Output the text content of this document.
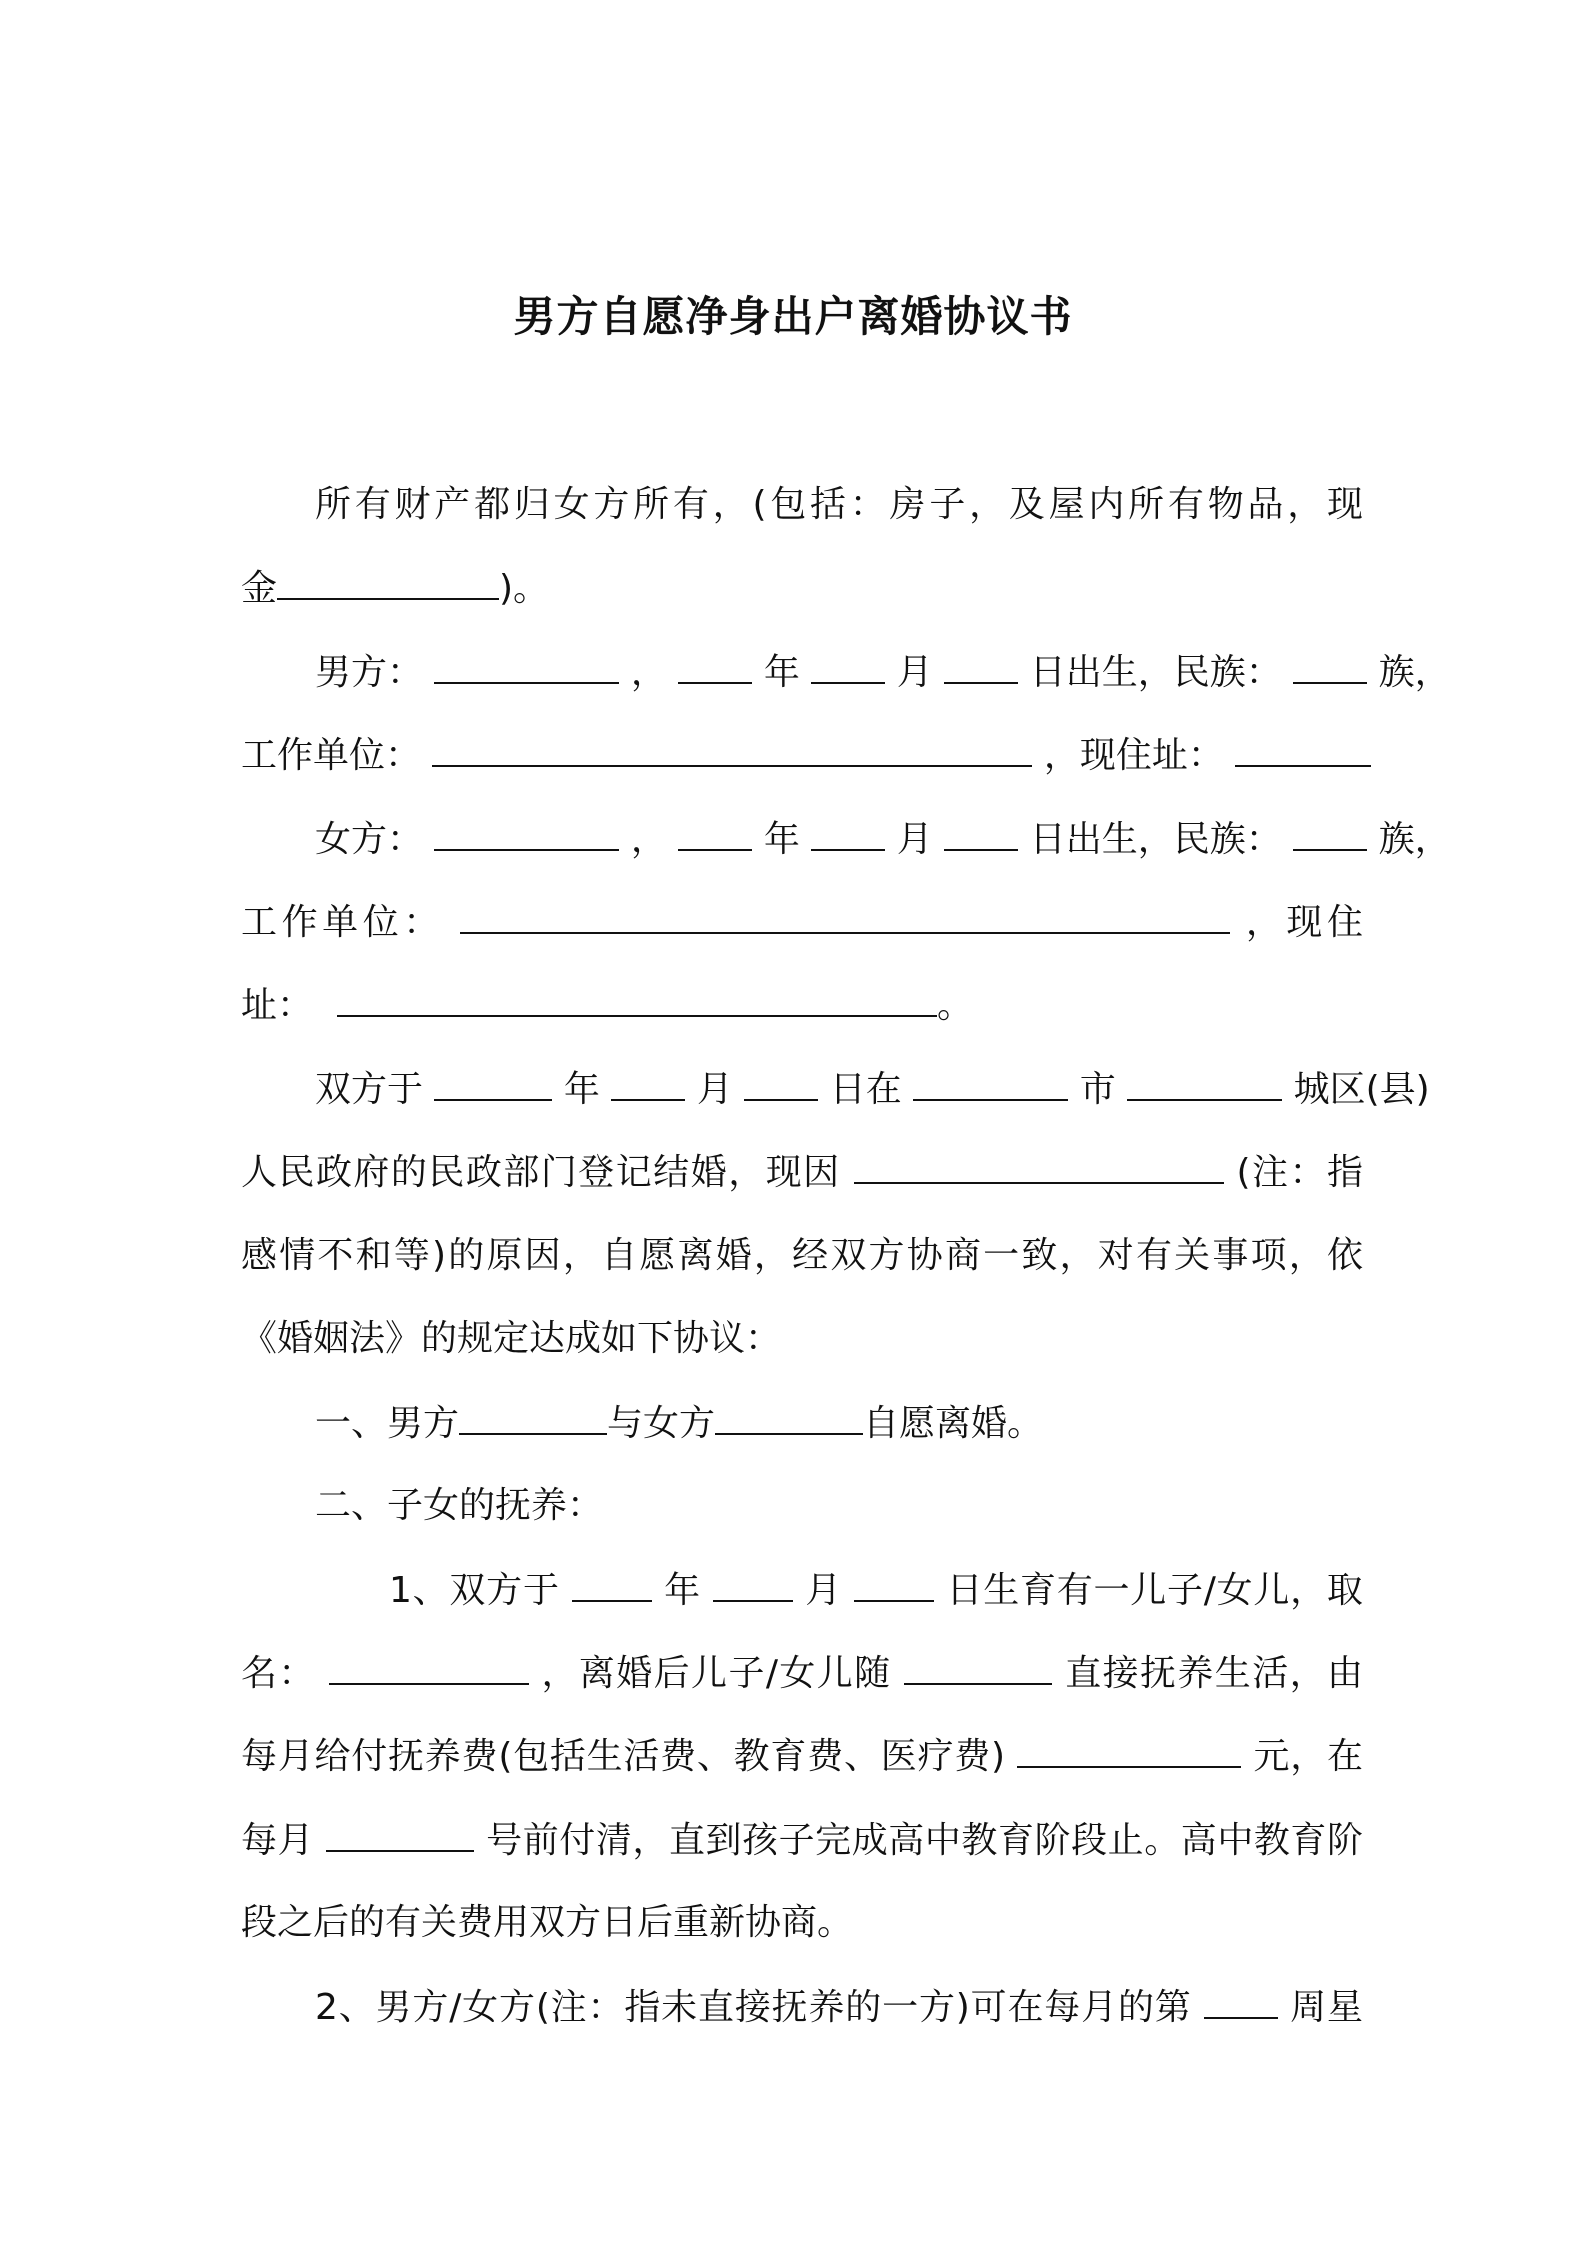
男方自愿净身出户离婚协议书
所有财产都归女方所有，(包括：房子，及屋内所有物品，现
金	)。
男方：	，	年	月	日出生，民族：	族，
工作单位：	，现住址：
女方：	，	年	月	日出生，民族：	族，
工作单位：	，现住
址：	。
双方于	年	月	日在	市	城区(县)
人民政府的民政部门登记结婚，现因	(注：指
感情不和等)的原因，自愿离婚，经双方协商一致，对有关事项，依
《婚姻法》的规定达成如下协议：
一、男方	与女方	自愿离婚。
二、子女的抚养：
1、双方于	年	月	日生育有一儿子/女儿，取
名：	，离婚后儿子/女儿随	直接抚养生活，由
每月给付抚养费(包括生活费、教育费、医疗费)	元，在
每月	号前付清，直到孩子完成高中教育阶段止。高中教育阶
段之后的有关费用双方日后重新协商。
2、男方/女方(注：指未直接抚养的一方)可在每月的第	周星
